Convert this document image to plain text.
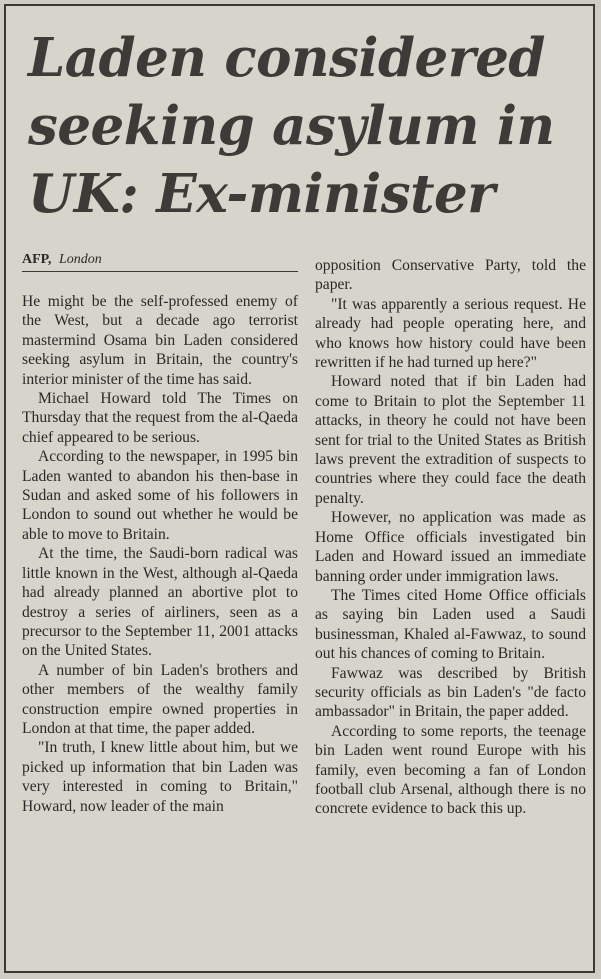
Laden considered
seeking asylum in
UK: Ex-minister
AFP, London

He might be the self-professed enemy of the West, but a decade ago terrorist mastermind Osama bin Laden considered seeking asylum in Britain, the country's interior minister of the time has said.

Michael Howard told The Times on Thursday that the request from the al-Qaeda chief appeared to be serious.

According to the newspaper, in 1995 bin Laden wanted to abandon his then-base in Sudan and asked some of his followers in London to sound out whether he would be able to move to Britain.

At the time, the Saudi-born radical was little known in the West, although al-Qaeda had already planned an abortive plot to destroy a series of airliners, seen as a precursor to the September 11, 2001 attacks on the United States.

A number of bin Laden's brothers and other members of the wealthy family construction empire owned properties in London at that time, the paper added.

"In truth, I knew little about him, but we picked up information that bin Laden was very interested in coming to Britain," Howard, now leader of the main

opposition Conservative Party, told the paper.

"It was apparently a serious request. He already had people operating here, and who knows how history could have been rewritten if he had turned up here?"

Howard noted that if bin Laden had come to Britain to plot the September 11 attacks, in theory he could not have been sent for trial to the United States as British laws prevent the extradition of suspects to countries where they could face the death penalty.

However, no application was made as Home Office officials investigated bin Laden and Howard issued an immediate banning order under immigration laws.

The Times cited Home Office officials as saying bin Laden used a Saudi businessman, Khaled al-Fawwaz, to sound out his chances of coming to Britain.

Fawwaz was described by British security officials as bin Laden's "de facto ambassador" in Britain, the paper added.

According to some reports, the teenage bin Laden went round Europe with his family, even becoming a fan of London football club Arsenal, although there is no concrete evidence to back this up.
